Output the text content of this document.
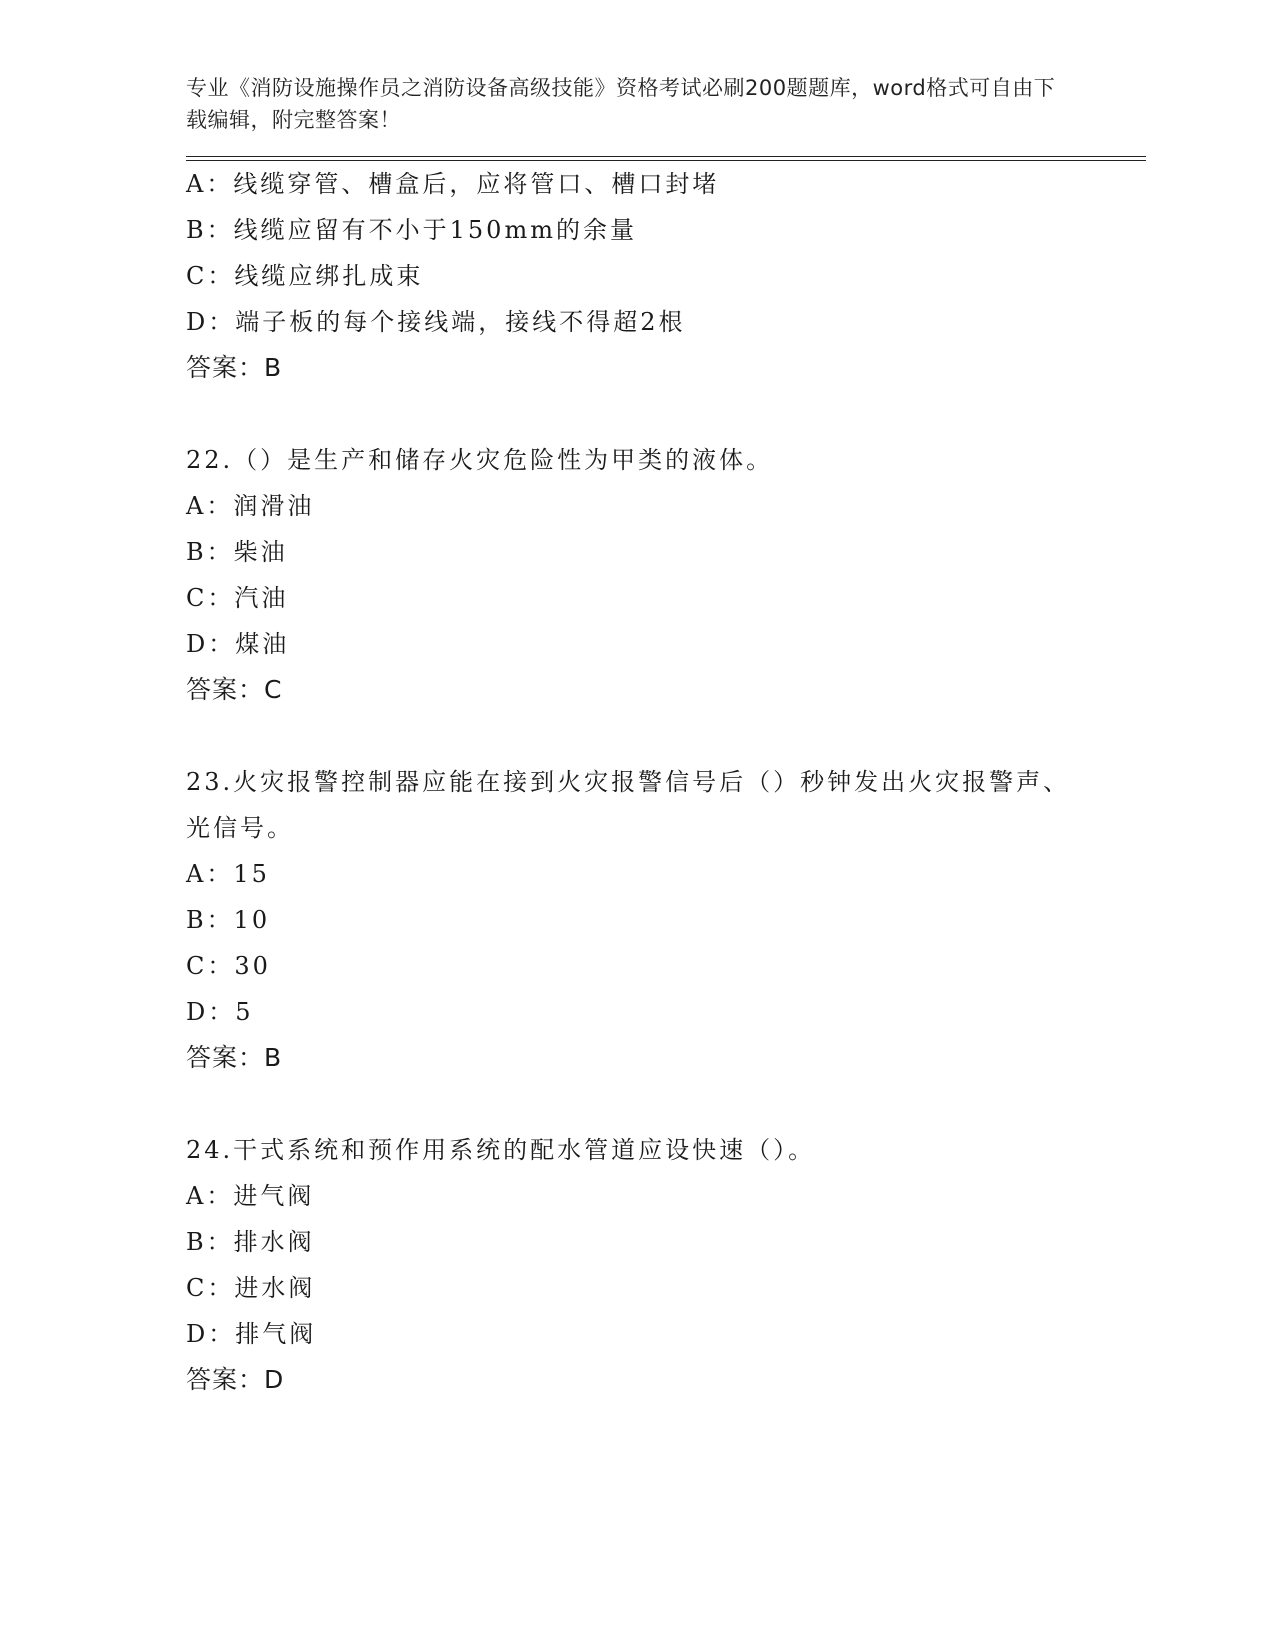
专业《消防设施操作员之消防设备高级技能》资格考试必刷200题题库，word格式可自由下载编辑，附完整答案！
A：线缆穿管、槽盒后，应将管口、槽口封堵
B：线缆应留有不小于150mm的余量
C：线缆应绑扎成束
D：端子板的每个接线端，接线不得超2根
答案：B
22.（）是生产和储存火灾危险性为甲类的液体。
A：润滑油
B：柴油
C：汽油
D：煤油
答案：C
23.火灾报警控制器应能在接到火灾报警信号后（）秒钟发出火灾报警声、光信号。
A：15
B：10
C：30
D：5
答案：B
24.干式系统和预作用系统的配水管道应设快速（）。
A：进气阀
B：排水阀
C：进水阀
D：排气阀
答案：D
